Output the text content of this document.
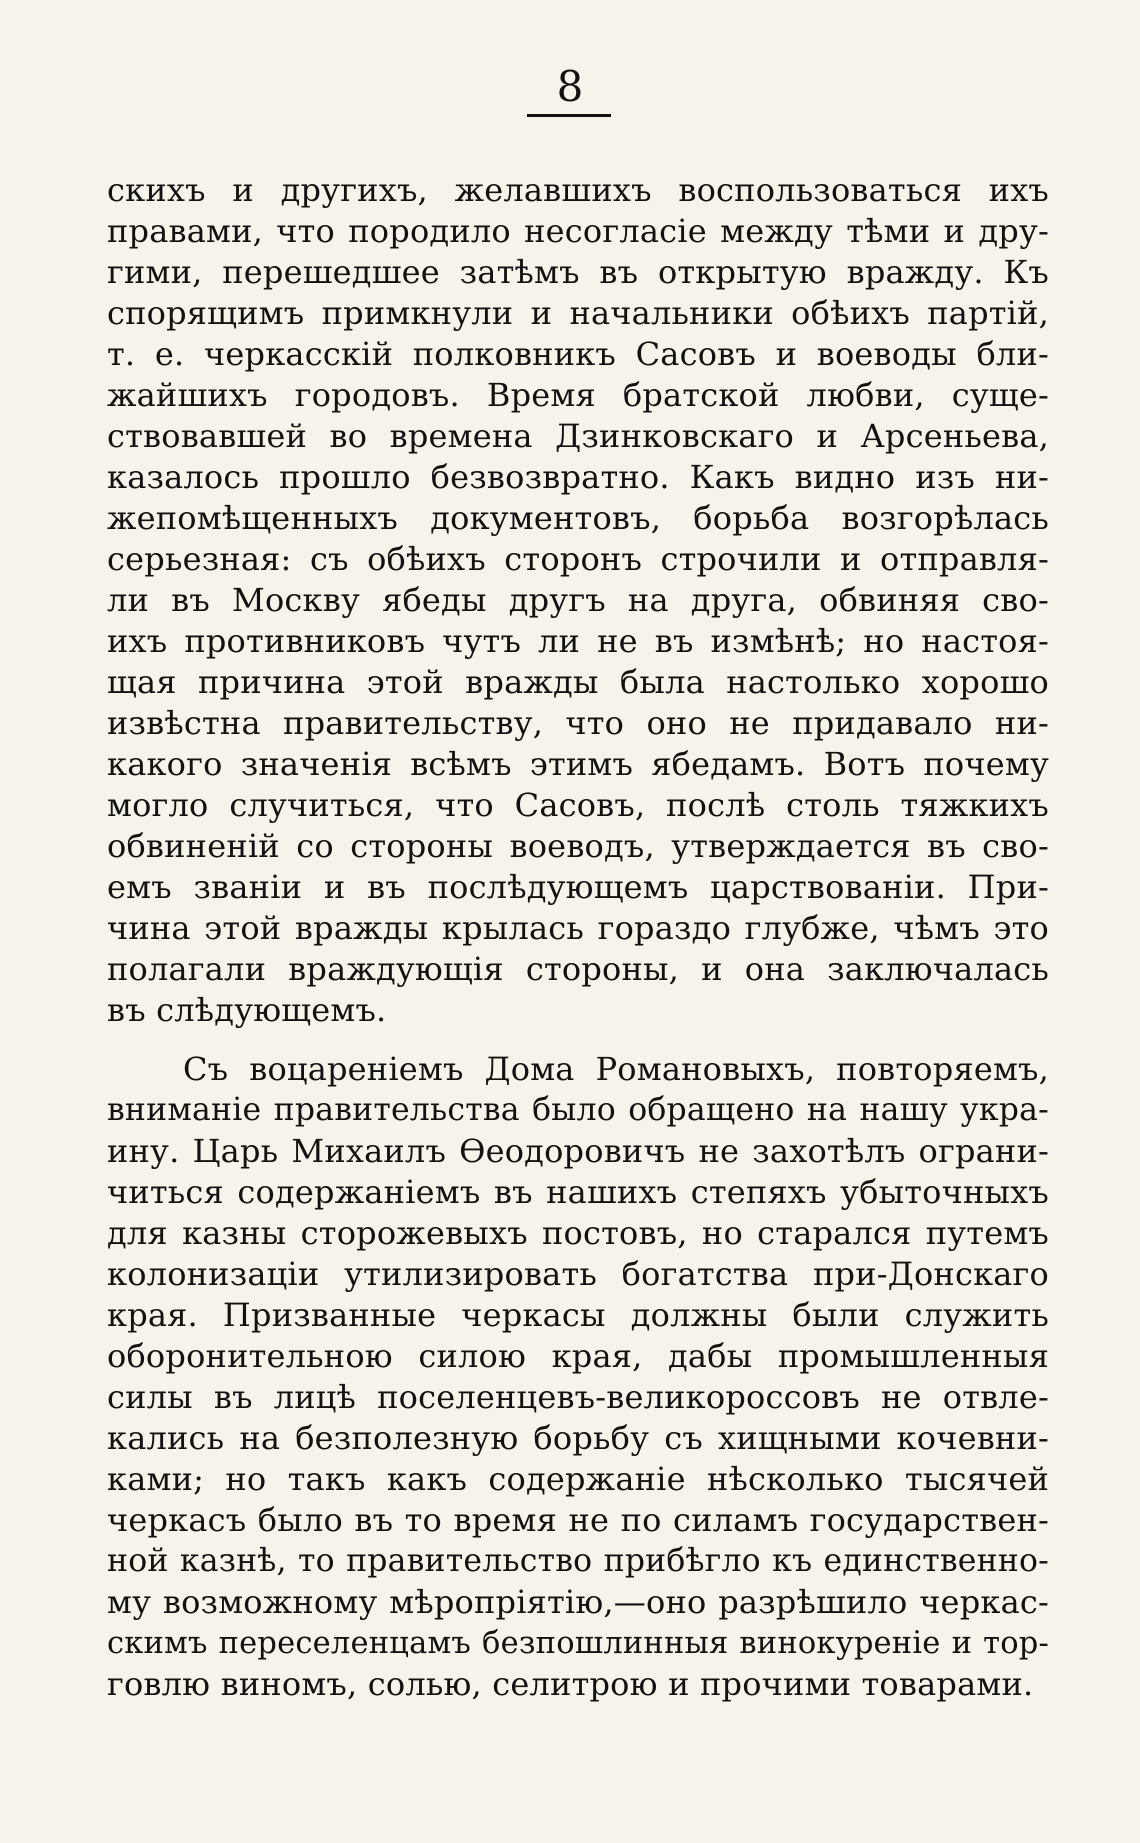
8
скихъ и другихъ, желавшихъ воспользоваться ихъ
правами, что породило несогласіе между тѣми и дру-
гими, перешедшее затѣмъ въ открытую вражду. Къ
спорящимъ примкнули и начальники обѣихъ партій,
т. е. черкасскій полковникъ Сасовъ и воеводы бли-
жайшихъ городовъ. Время братской любви, суще-
ствовавшей во времена Дзинковскаго и Арсеньева,
казалось прошло безвозвратно. Какъ видно изъ ни-
жепомѣщенныхъ документовъ, борьба возгорѣлась
серьезная: съ обѣихъ сторонъ строчили и отправля-
ли въ Москву ябеды другъ на друга, обвиняя сво-
ихъ противниковъ чутъ ли не въ измѣнѣ; но настоя-
щая причина этой вражды была настолько хорошо
извѣстна правительству, что оно не придавало ни-
какого значенія всѣмъ этимъ ябедамъ. Вотъ почему
могло случиться, что Сасовъ, послѣ столь тяжкихъ
обвиненій со стороны воеводъ, утверждается въ сво-
емъ званіи и въ послѣдующемъ царствованіи. При-
чина этой вражды крылась гораздо глубже, чѣмъ это
полагали враждующія стороны, и она заключалась
въ слѣдующемъ.
Съ воцареніемъ Дома Романовыхъ, повторяемъ,
вниманіе правительства было обращено на нашу укра-
ину. Царь Михаилъ Ѳеодоровичъ не захотѣлъ ограни-
читься содержаніемъ въ нашихъ степяхъ убыточныхъ
для казны сторожевыхъ постовъ, но старался путемъ
колонизаціи утилизировать богатства при-Донскаго
края. Призванные черкасы должны были служить
оборонительною силою края, дабы промышленныя
силы въ лицѣ поселенцевъ-великороссовъ не отвле-
кались на безполезную борьбу съ хищными кочевни-
ками; но такъ какъ содержаніе нѣсколько тысячей
черкасъ было въ то время не по силамъ государствен-
ной казнѣ, то правительство прибѣгло къ единственно-
му возможному мѣропріятію,—оно разрѣшило черкас-
скимъ переселенцамъ безпошлинныя винокуреніе и тор-
говлю виномъ, солью, селитрою и прочими товарами.
